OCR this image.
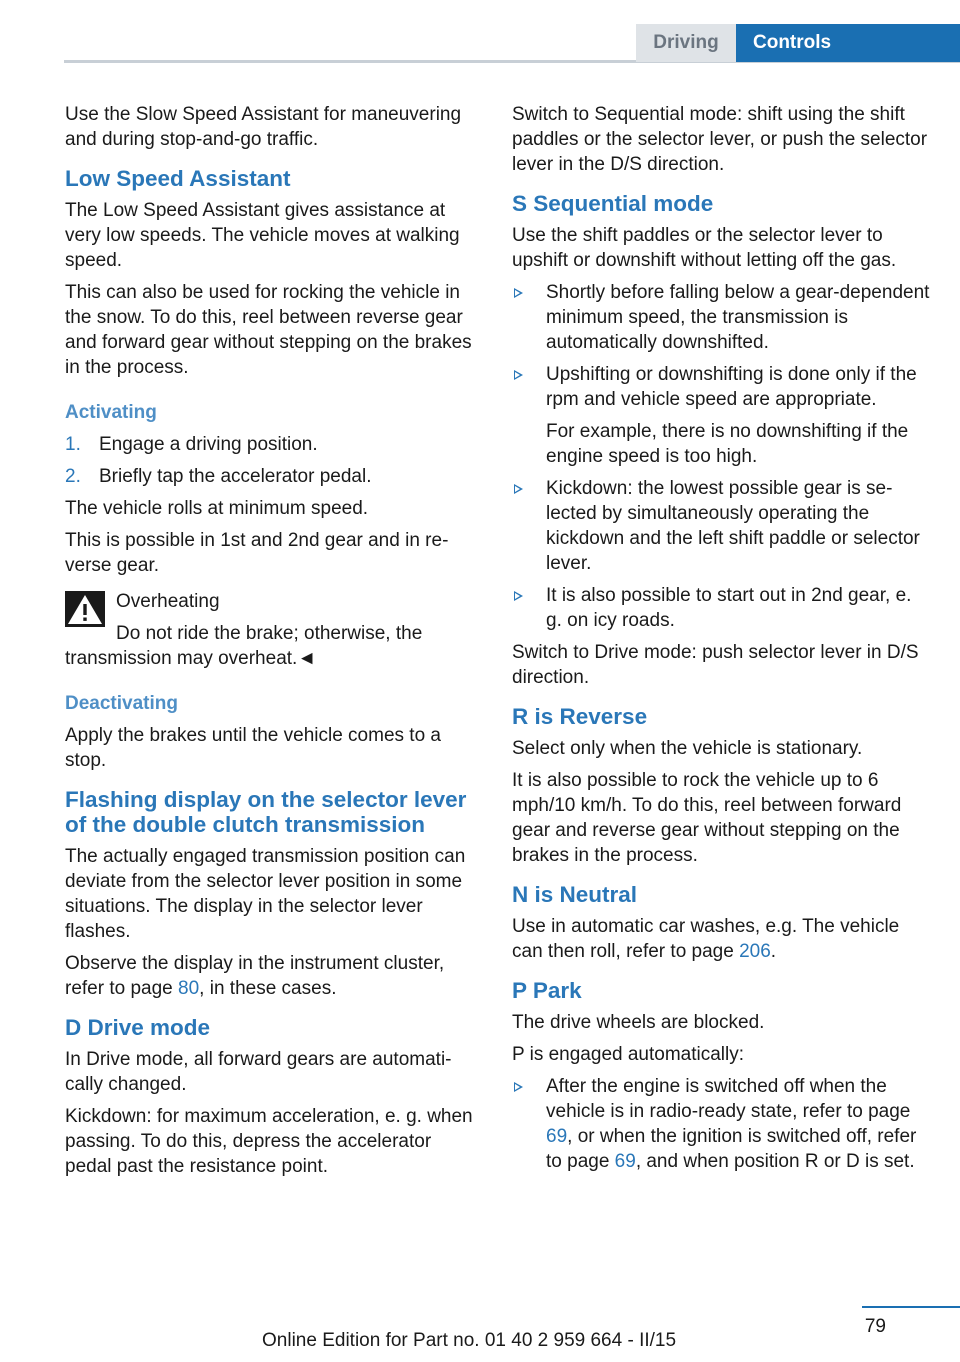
Driving	Controls

Use the Slow Speed Assistant for maneuvering and during stop-and-go traffic.

Low Speed Assistant

The Low Speed Assistant gives assistance at very low speeds. The vehicle moves at walking speed.

This can also be used for rocking the vehicle in the snow. To do this, reel between reverse gear and forward gear without stepping on the brakes in the process.

Activating
1. Engage a driving position.
2. Briefly tap the accelerator pedal.

The vehicle rolls at minimum speed.

This is possible in 1st and 2nd gear and in reverse gear.

Overheating

Do not ride the brake; otherwise, the
transmission may overheat.◄

Deactivating

Apply the brakes until the vehicle comes to a stop.

Flashing display on the selector lever of the double clutch transmission

The actually engaged transmission position can deviate from the selector lever position in some situations. The display in the selector lever flashes.

Observe the display in the instrument cluster, refer to page 80, in these cases.

D Drive mode

In Drive mode, all forward gears are automatically changed.

Kickdown: for maximum acceleration, e. g. when passing. To do this, depress the accelerator pedal past the resistance point.

Switch to Sequential mode: shift using the shift paddles or the selector lever, or push the selector lever in the D/S direction.

S Sequential mode

Use the shift paddles or the selector lever to upshift or downshift without letting off the gas.

Shortly before falling below a gear-dependent minimum speed, the transmission is automatically downshifted.
Upshifting or downshifting is done only if the rpm and vehicle speed are appropriate.
For example, there is no downshifting if the engine speed is too high.
Kickdown: the lowest possible gear is selected by simultaneously operating the kickdown and the left shift paddle or selector lever.
It is also possible to start out in 2nd gear, e. g. on icy roads.

Switch to Drive mode: push selector lever in D/S direction.

R is Reverse

Select only when the vehicle is stationary.

It is also possible to rock the vehicle up to 6 mph/10 km/h. To do this, reel between forward gear and reverse gear without stepping on the brakes in the process.

N is Neutral

Use in automatic car washes, e.g. The vehicle can then roll, refer to page 206.

P Park

The drive wheels are blocked.

P is engaged automatically:

After the engine is switched off when the vehicle is in radio-ready state, refer to page 69, or when the ignition is switched off, refer to page 69, and when position R or D is set.
79
Online Edition for Part no. 01 40 2 959 664 - II/15
